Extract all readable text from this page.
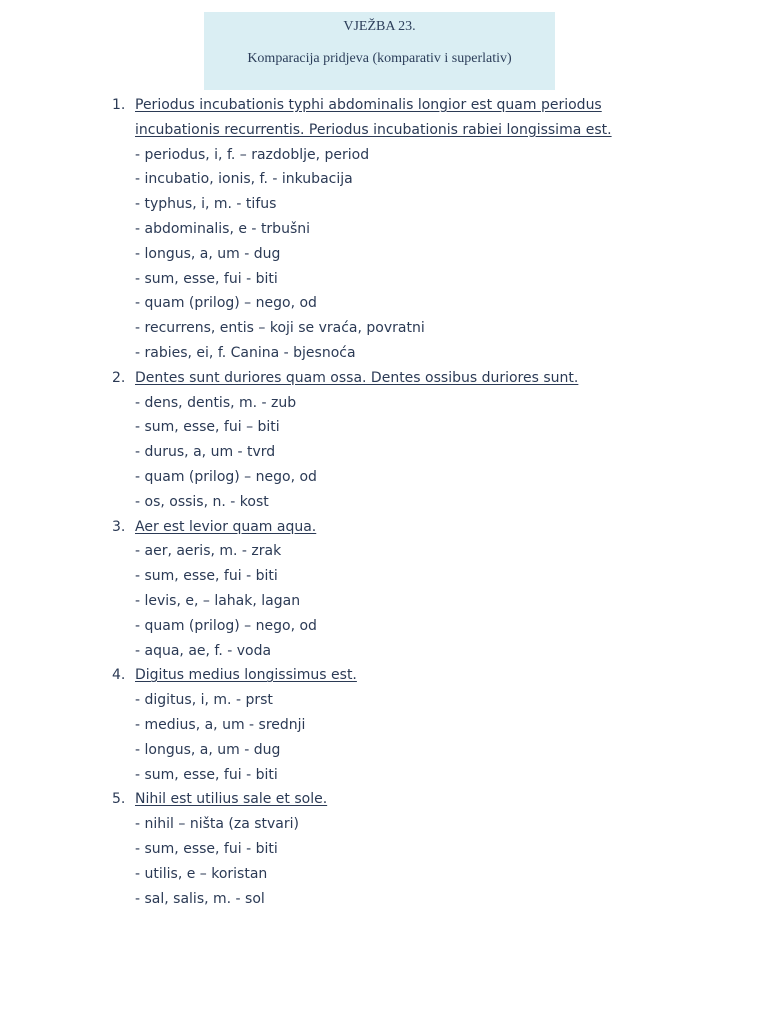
VJEŽBA 23.
Komparacija pridjeva (komparativ i superlativ)
1. Periodus incubationis typhi abdominalis longior est quam periodus incubationis recurrentis. Periodus incubationis rabiei longissima est.
- periodus, i, f. – razdoblje, period
- incubatio, ionis, f. - inkubacija
- typhus, i, m. - tifus
- abdominalis, e - trbušni
- longus, a, um - dug
- sum, esse, fui - biti
- quam (prilog) – nego, od
- recurrens, entis – koji se vraća, povratni
- rabies, ei, f. Canina - bjesnoća
2. Dentes sunt duriores quam ossa. Dentes ossibus duriores sunt.
- dens, dentis, m. - zub
- sum, esse, fui – biti
- durus, a, um - tvrd
- quam (prilog) – nego, od
- os, ossis, n. - kost
3. Aer est levior quam aqua.
- aer, aeris, m. - zrak
- sum, esse, fui - biti
- levis, e, – lahak, lagan
- quam (prilog) – nego, od
- aqua, ae, f. - voda
4. Digitus medius longissimus est.
- digitus, i, m. - prst
- medius, a, um - srednji
- longus, a, um - dug
- sum, esse, fui - biti
5. Nihil est utilius sale et sole.
- nihil – ništa (za stvari)
- sum, esse, fui - biti
- utilis, e – koristan
- sal, salis, m. - sol
